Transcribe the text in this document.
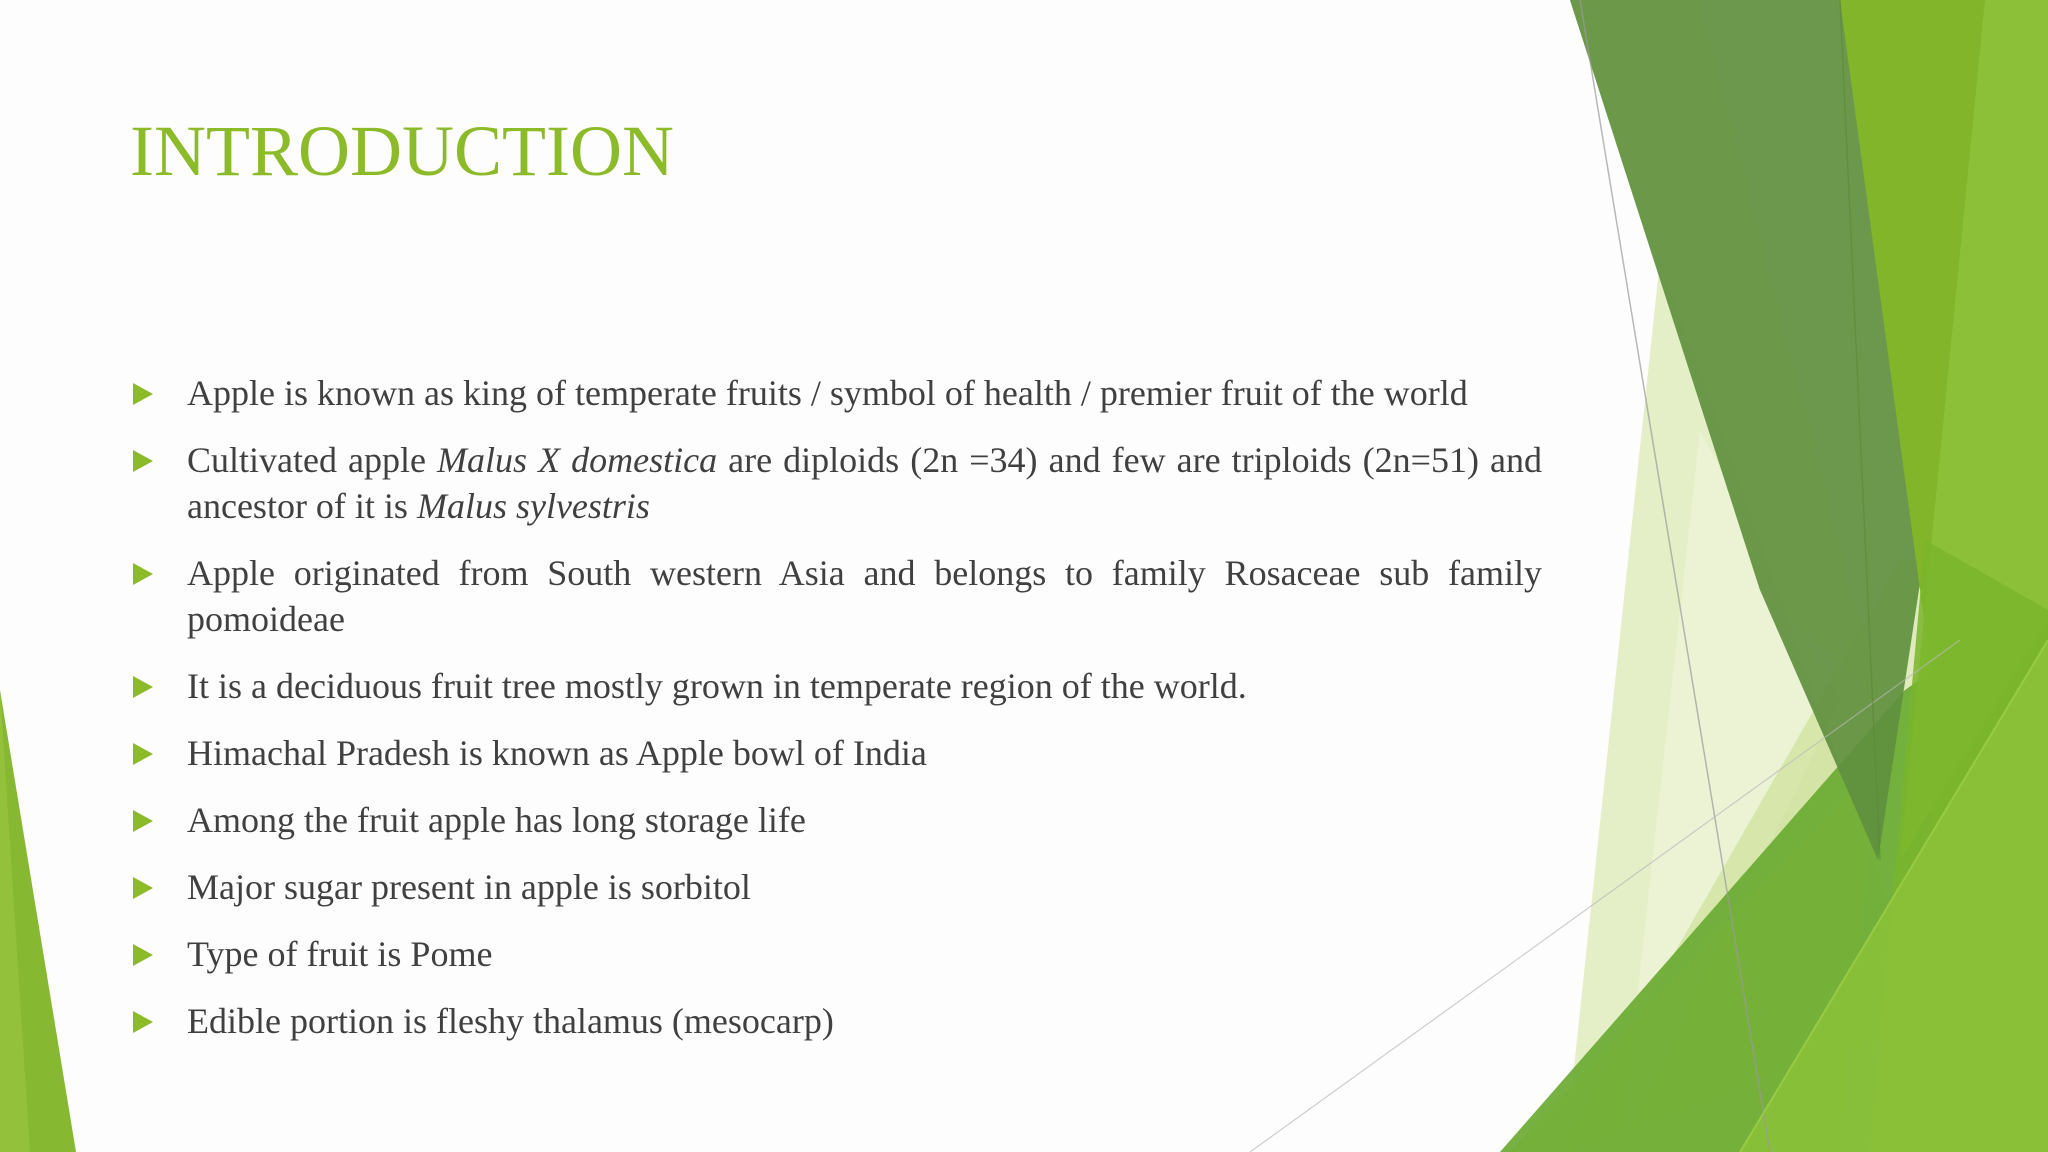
INTRODUCTION
Apple is known as king of temperate fruits / symbol of health / premier fruit of the world
Cultivated apple Malus X domestica are diploids (2n =34) and few are triploids (2n=51) and ancestor of it is Malus sylvestris
Apple originated from South western Asia and belongs to family Rosaceae sub family pomoideae
It is a deciduous fruit tree mostly grown in temperate region of the world.
Himachal Pradesh is known as Apple bowl of India
Among the fruit apple has long storage life
Major sugar present in apple is sorbitol
Type of fruit is Pome
Edible portion is fleshy thalamus (mesocarp)
